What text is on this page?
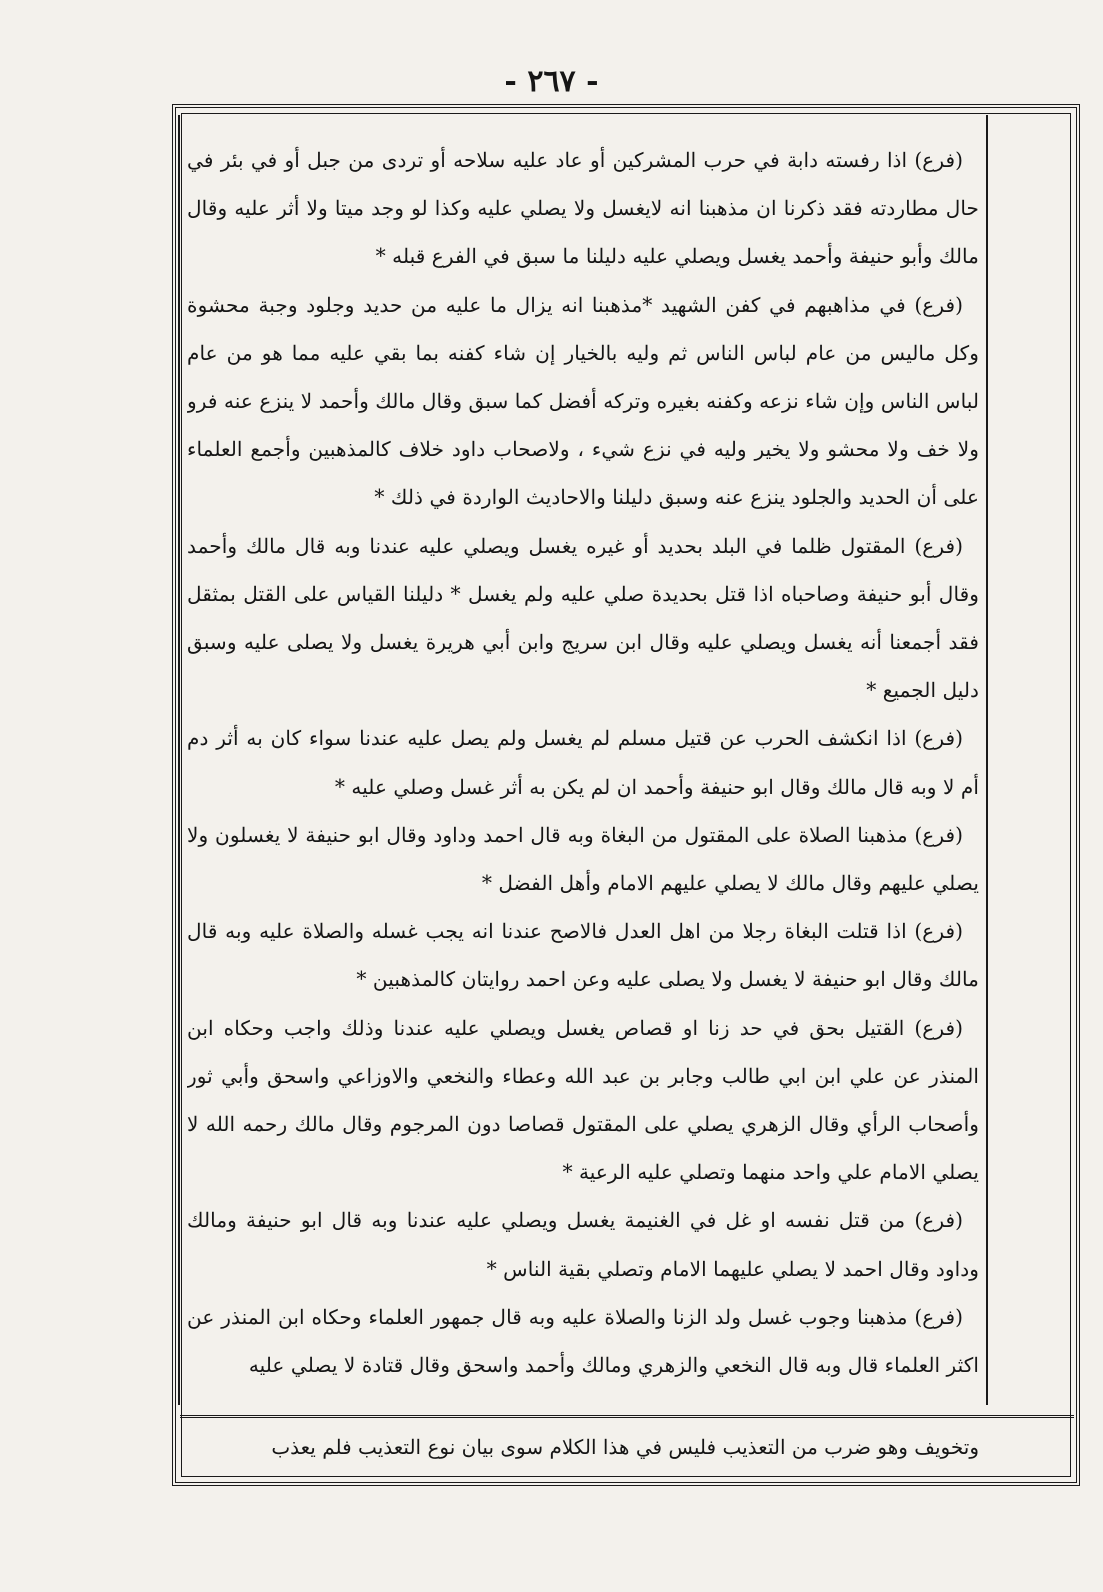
- ٢٦٧ -

(فرع) اذا رفسته دابة في حرب المشركين أو عاد عليه سلاحه أو تردى من جبل أو في بئر في حال مطاردته فقد ذكرنا ان مذهبنا انه لايغسل ولا يصلي عليه وكذا لو وجد ميتا ولا أثر عليه وقال مالك وأبو حنيفة وأحمد يغسل ويصلي عليه دليلنا ما سبق في الفرع قبله *

(فرع) في مذاهبهم في كفن الشهيد *مذهبنا انه يزال ما عليه من حديد وجلود وجبة محشوة وكل ماليس من عام لباس الناس ثم وليه بالخيار إن شاء كفنه بما بقي عليه مما هو من عام لباس الناس وإن شاء نزعه وكفنه بغيره وتركه أفضل كما سبق وقال مالك وأحمد لا ينزع عنه فرو ولا خف ولا محشو ولا يخير وليه في نزع شيء ، ولاصحاب داود خلاف كالمذهبين وأجمع العلماء على أن الحديد والجلود ينزع عنه وسبق دليلنا والاحاديث الواردة في ذلك *

(فرع) المقتول ظلما في البلد بحديد أو غيره يغسل ويصلي عليه عندنا وبه قال مالك وأحمد وقال أبو حنيفة وصاحباه اذا قتل بحديدة صلي عليه ولم يغسل * دليلنا القياس على القتل بمثقل فقد أجمعنا أنه يغسل ويصلي عليه وقال ابن سريج وابن أبي هريرة يغسل ولا يصلى عليه وسبق دليل الجميع *

(فرع) اذا انكشف الحرب عن قتيل مسلم لم يغسل ولم يصل عليه عندنا سواء كان به أثر دم أم لا وبه قال مالك وقال ابو حنيفة وأحمد ان لم يكن به أثر غسل وصلي عليه *

(فرع) مذهبنا الصلاة على المقتول من البغاة وبه قال احمد وداود وقال ابو حنيفة لا يغسلون ولا يصلي عليهم وقال مالك لا يصلي عليهم الامام وأهل الفضل *

(فرع) اذا قتلت البغاة رجلا من اهل العدل فالاصح عندنا انه يجب غسله والصلاة عليه وبه قال مالك وقال ابو حنيفة لا يغسل ولا يصلى عليه وعن احمد روايتان كالمذهبين *

(فرع) القتيل بحق في حد زنا او قصاص يغسل ويصلي عليه عندنا وذلك واجب وحكاه ابن المنذر عن علي ابن ابي طالب وجابر بن عبد الله وعطاء والنخعي والاوزاعي واسحق وأبي ثور وأصحاب الرأي وقال الزهري يصلي على المقتول قصاصا دون المرجوم وقال مالك رحمه الله لا يصلي الامام علي واحد منهما وتصلي عليه الرعية *

(فرع) من قتل نفسه او غل في الغنيمة يغسل ويصلي عليه عندنا وبه قال ابو حنيفة ومالك وداود وقال احمد لا يصلي عليهما الامام وتصلي بقية الناس *

(فرع) مذهبنا وجوب غسل ولد الزنا والصلاة عليه وبه قال جمهور العلماء وحكاه ابن المنذر عن اكثر العلماء قال وبه قال النخعي والزهري ومالك وأحمد واسحق وقال قتادة لا يصلي عليه

وتخويف وهو ضرب من التعذيب فليس في هذا الكلام سوى بيان نوع التعذيب فلم يعذب
